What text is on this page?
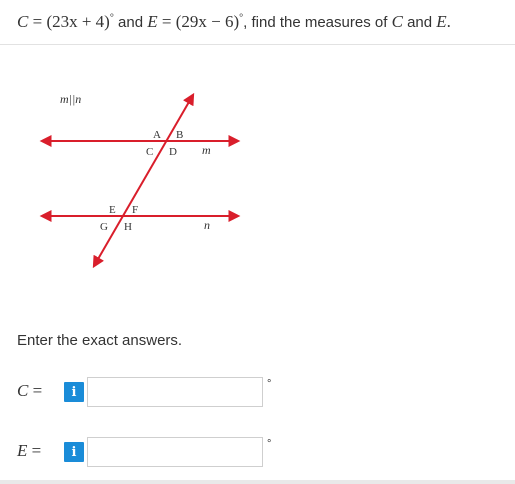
C = (23x + 4)° and E = (29x − 6)°, find the measures of C and E.
m||n
m
n
A B
C D
E F
G H
Enter the exact answers.
C =	i
°
E =	i
°
